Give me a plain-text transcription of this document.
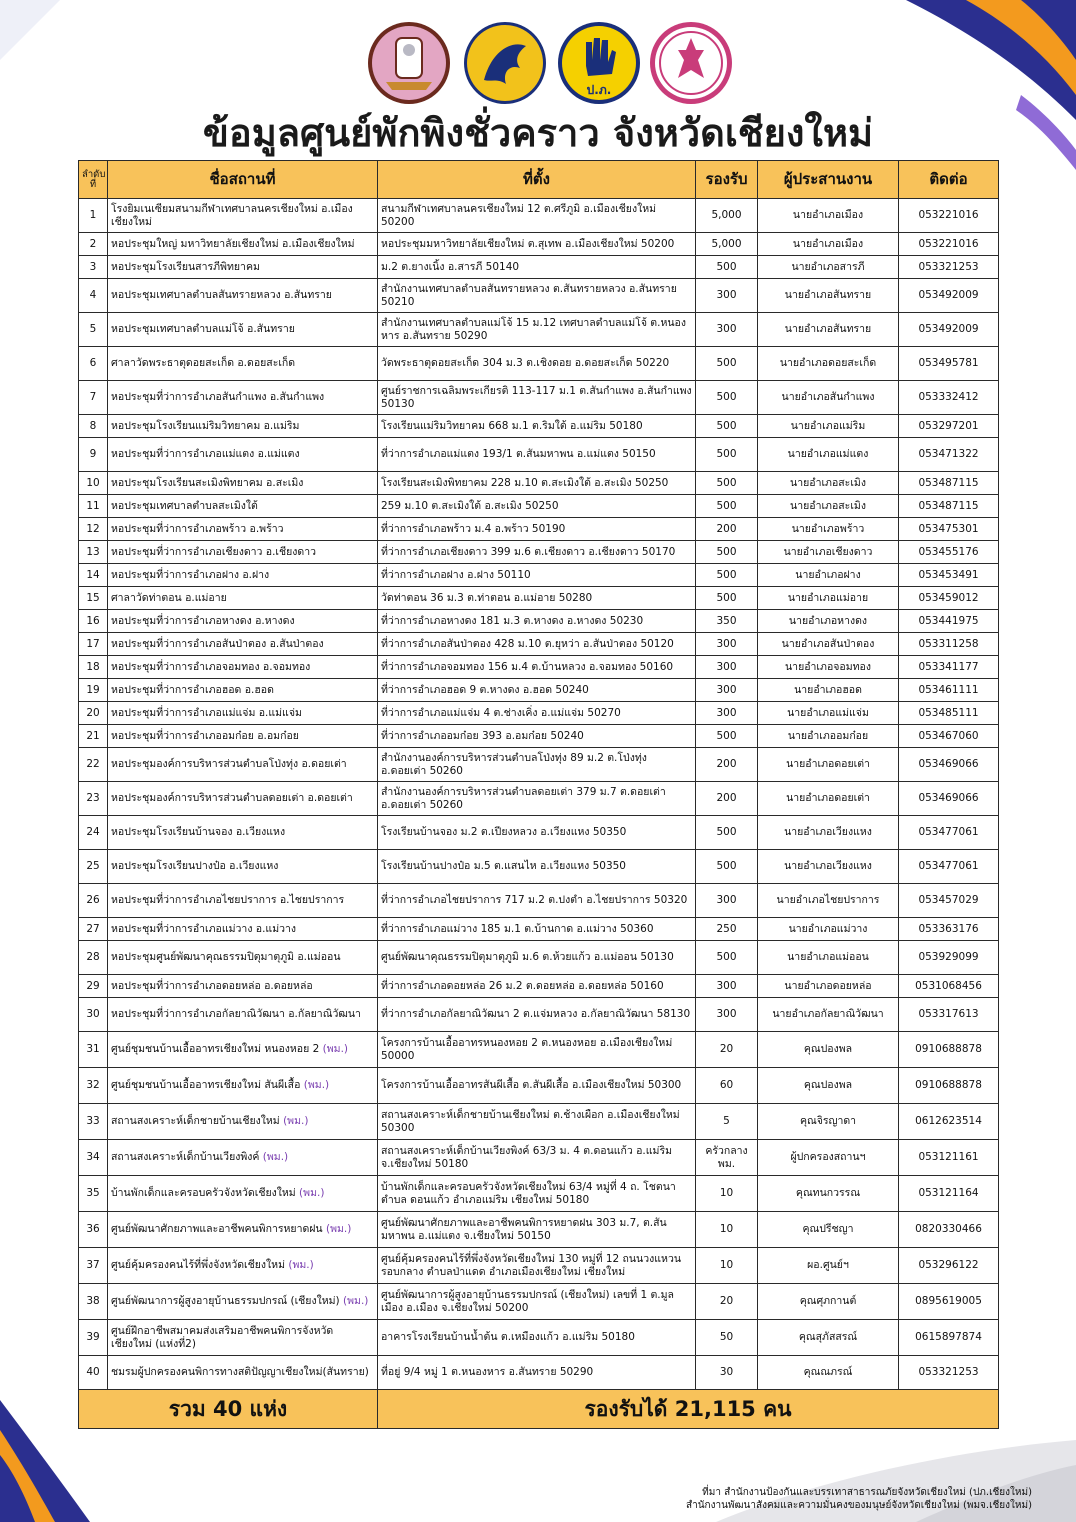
ป.ภ.
ข้อมูลศูนย์พักพิงชั่วคราว จังหวัดเชียงใหม่
ลำดับที่	ชื่อสถานที่	ที่ตั้ง	รองรับ	ผู้ประสานงาน	ติดต่อ
1	โรงยิมเนเซียมสนามกีฬาเทศบาลนครเชียงใหม่ อ.เมืองเชียงใหม่	สนามกีฬาเทศบาลนครเชียงใหม่ 12 ต.ศรีภูมิ อ.เมืองเชียงใหม่ 50200	5,000	นายอำเภอเมือง	053221016
2	หอประชุมใหญ่ มหาวิทยาลัยเชียงใหม่ อ.เมืองเชียงใหม่	หอประชุมมหาวิทยาลัยเชียงใหม่ ต.สุเทพ อ.เมืองเชียงใหม่ 50200	5,000	นายอำเภอเมือง	053221016
3	หอประชุมโรงเรียนสารภีพิทยาคม	ม.2 ต.ยางเนิ้ง อ.สารภี 50140	500	นายอำเภอสารภี	053321253
4	หอประชุมเทศบาลตำบลสันทรายหลวง อ.สันทราย	สำนักงานเทศบาลตำบลสันทรายหลวง ต.สันทรายหลวง อ.สันทราย 50210	300	นายอำเภอสันทราย	053492009
5	หอประชุมเทศบาลตำบลแม่โจ้ อ.สันทราย	สำนักงานเทศบาลตำบลแม่โจ้ 15 ม.12 เทศบาลตำบลแม่โจ้ ต.หนองหาร อ.สันทราย 50290	300	นายอำเภอสันทราย	053492009
6	ศาลาวัดพระธาตุดอยสะเก็ด อ.ดอยสะเก็ด	วัดพระธาตุดอยสะเก็ด 304 ม.3 ต.เชิงดอย อ.ดอยสะเก็ด 50220	500	นายอำเภอดอยสะเก็ด	053495781
7	หอประชุมที่ว่าการอำเภอสันกำแพง อ.สันกำแพง	ศูนย์ราชการเฉลิมพระเกียรติ 113-117 ม.1 ต.สันกำแพง อ.สันกำแพง 50130	500	นายอำเภอสันกำแพง	053332412
8	หอประชุมโรงเรียนแม่ริมวิทยาคม อ.แม่ริม	โรงเรียนแม่ริมวิทยาคม 668 ม.1 ต.ริมใต้ อ.แม่ริม 50180	500	นายอำเภอแม่ริม	053297201
9	หอประชุมที่ว่าการอำเภอแม่แตง อ.แม่แตง	ที่ว่าการอำเภอแม่แตง 193/1 ต.สันมหาพน อ.แม่แตง 50150	500	นายอำเภอแม่แตง	053471322
10	หอประชุมโรงเรียนสะเมิงพิทยาคม อ.สะเมิง	โรงเรียนสะเมิงพิทยาคม 228 ม.10 ต.สะเมิงใต้ อ.สะเมิง 50250	500	นายอำเภอสะเมิง	053487115
11	หอประชุมเทศบาลตำบลสะเมิงใต้	259 ม.10 ต.สะเมิงใต้ อ.สะเมิง 50250	500	นายอำเภอสะเมิง	053487115
12	หอประชุมที่ว่าการอำเภอพร้าว อ.พร้าว	ที่ว่าการอำเภอพร้าว ม.4 อ.พร้าว 50190	200	นายอำเภอพร้าว	053475301
13	หอประชุมที่ว่าการอำเภอเชียงดาว อ.เชียงดาว	ที่ว่าการอำเภอเชียงดาว 399 ม.6 ต.เชียงดาว อ.เชียงดาว 50170	500	นายอำเภอเชียงดาว	053455176
14	หอประชุมที่ว่าการอำเภอฝาง อ.ฝาง	ที่ว่าการอำเภอฝาง อ.ฝาง 50110	500	นายอำเภอฝาง	053453491
15	ศาลาวัดท่าตอน อ.แม่อาย	วัดท่าตอน 36 ม.3 ต.ท่าตอน อ.แม่อาย 50280	500	นายอำเภอแม่อาย	053459012
16	หอประชุมที่ว่าการอำเภอหางดง อ.หางดง	ที่ว่าการอำเภอหางดง 181 ม.3 ต.หางดง อ.หางดง 50230	350	นายอำเภอหางดง	053441975
17	หอประชุมที่ว่าการอำเภอสันป่าตอง อ.สันป่าตอง	ที่ว่าการอำเภอสันป่าตอง 428 ม.10 ต.ยุหว่า อ.สันป่าตอง 50120	300	นายอำเภอสันป่าตอง	053311258
18	หอประชุมที่ว่าการอำเภอจอมทอง อ.จอมทอง	ที่ว่าการอำเภอจอมทอง 156 ม.4 ต.บ้านหลวง อ.จอมทอง 50160	300	นายอำเภอจอมทอง	053341177
19	หอประชุมที่ว่าการอำเภอฮอด อ.ฮอด	ที่ว่าการอำเภอฮอด 9 ต.หางดง อ.ฮอด 50240	300	นายอำเภอฮอด	053461111
20	หอประชุมที่ว่าการอำเภอแม่แจ่ม อ.แม่แจ่ม	ที่ว่าการอำเภอแม่แจ่ม 4 ต.ช่างเคิ่ง อ.แม่แจ่ม 50270	300	นายอำเภอแม่แจ่ม	053485111
21	หอประชุมที่ว่าการอำเภออมก๋อย อ.อมก๋อย	ที่ว่าการอำเภออมก๋อย 393 อ.อมก๋อย 50240	500	นายอำเภออมก๋อย	053467060
22	หอประชุมองค์การบริหารส่วนตำบลโป่งทุ่ง อ.ดอยเต่า	สำนักงานองค์การบริหารส่วนตำบลโป่งทุ่ง 89 ม.2 ต.โป่งทุ่ง อ.ดอยเต่า 50260	200	นายอำเภอดอยเต่า	053469066
23	หอประชุมองค์การบริหารส่วนตำบลดอยเต่า อ.ดอยเต่า	สำนักงานองค์การบริหารส่วนตำบลดอยเต่า 379 ม.7 ต.ดอยเต่า อ.ดอยเต่า 50260	200	นายอำเภอดอยเต่า	053469066
24	หอประชุมโรงเรียนบ้านจอง อ.เวียงแหง	โรงเรียนบ้านจอง ม.2 ต.เปียงหลวง อ.เวียงแหง 50350	500	นายอำเภอเวียงแหง	053477061
25	หอประชุมโรงเรียนปางป๋อ อ.เวียงแหง	โรงเรียนบ้านปางป๋อ ม.5 ต.แสนไห อ.เวียงแหง 50350	500	นายอำเภอเวียงแหง	053477061
26	หอประชุมที่ว่าการอำเภอไชยปราการ อ.ไชยปราการ	ที่ว่าการอำเภอไชยปราการ 717 ม.2 ต.ปงตำ อ.ไชยปราการ 50320	300	นายอำเภอไชยปราการ	053457029
27	หอประชุมที่ว่าการอำเภอแม่วาง อ.แม่วาง	ที่ว่าการอำเภอแม่วาง 185 ม.1 ต.บ้านกาด อ.แม่วาง 50360	250	นายอำเภอแม่วาง	053363176
28	หอประชุมศูนย์พัฒนาคุณธรรมปิตุมาตุภูมิ อ.แม่ออน	ศูนย์พัฒนาคุณธรรมปิตุมาตุภูมิ ม.6 ต.ห้วยแก้ว อ.แม่ออน 50130	500	นายอำเภอแม่ออน	053929099
29	หอประชุมที่ว่าการอำเภอดอยหล่อ อ.ดอยหล่อ	ที่ว่าการอำเภอดอยหล่อ 26 ม.2 ต.ดอยหล่อ อ.ดอยหล่อ 50160	300	นายอำเภอดอยหล่อ	0531068456
30	หอประชุมที่ว่าการอำเภอกัลยาณิวัฒนา อ.กัลยาณิวัฒนา	ที่ว่าการอำเภอกัลยาณิวัฒนา 2 ต.แจ่มหลวง อ.กัลยาณิวัฒนา 58130	300	นายอำเภอกัลยาณิวัฒนา	053317613
31	ศูนย์ชุมชนบ้านเอื้ออาทรเชียงใหม่ หนองหอย 2 (พม.)	โครงการบ้านเอื้ออาทรหนองหอย 2 ต.หนองหอย อ.เมืองเชียงใหม่ 50000	20	คุณปองพล	0910688878
32	ศูนย์ชุมชนบ้านเอื้ออาทรเชียงใหม่ สันผีเสื้อ (พม.)	โครงการบ้านเอื้ออาทรสันผีเสื้อ ต.สันผีเสื้อ อ.เมืองเชียงใหม่ 50300	60	คุณปองพล	0910688878
33	สถานสงเคราะห์เด็กชายบ้านเชียงใหม่ (พม.)	สถานสงเคราะห์เด็กชายบ้านเชียงใหม่ ต.ช้างเผือก อ.เมืองเชียงใหม่ 50300	5	คุณจิรญาดา	0612623514
34	สถานสงเคราะห์เด็กบ้านเวียงพิงค์ (พม.)	สถานสงเคราะห์เด็กบ้านเวียงพิงค์ 63/3 ม. 4 ต.ดอนแก้ว อ.แม่ริม จ.เชียงใหม่ 50180	ครัวกลาง พม.	ผู้ปกครองสถานฯ	053121161
35	บ้านพักเด็กและครอบครัวจังหวัดเชียงใหม่ (พม.)	บ้านพักเด็กและครอบครัวจังหวัดเชียงใหม่ 63/4 หมู่ที่ 4 ถ. โชตนา ตำบล ดอนแก้ว อำเภอแม่ริม เชียงใหม่ 50180	10	คุณทนกวรรณ	053121164
36	ศูนย์พัฒนาศักยภาพและอาชีพคนพิการหยาดฝน (พม.)	ศูนย์พัฒนาศักยภาพและอาชีพคนพิการหยาดฝน 303 ม.7, ต.สันมหาพน อ.แม่แตง จ.เชียงใหม่ 50150	10	คุณปรีชญา	0820330466
37	ศูนย์คุ้มครองคนไร้ที่พึ่งจังหวัดเชียงใหม่ (พม.)	ศูนย์คุ้มครองคนไร้ที่พึ่งจังหวัดเชียงใหม่ 130 หมู่ที่ 12 ถนนวงแหวนรอบกลาง ตำบลป่าแดด อำเภอเมืองเชียงใหม่ เชียงใหม่	10	ผอ.ศูนย์ฯ	053296122
38	ศูนย์พัฒนาการผู้สูงอายุบ้านธรรมปกรณ์ (เชียงใหม่) (พม.)	ศูนย์พัฒนาการผู้สูงอายุบ้านธรรมปกรณ์ (เชียงใหม่) เลขที่ 1 ต.มูลเมือง อ.เมือง จ.เชียงใหม่ 50200	20	คุณศุภกานต์	0895619005
39	ศูนย์ฝึกอาชีพสมาคมส่งเสริมอาชีพคนพิการจังหวัดเชียงใหม่ (แห่งที่2)	อาคารโรงเรียนบ้านน้ำต้น ต.เหมืองแก้ว อ.แม่ริม 50180	50	คุณสุภัสสรณ์	0615897874
40	ชมรมผู้ปกครองคนพิการทางสติปัญญาเชียงใหม่(สันทราย)	ที่อยู่ 9/4 หมู่ 1 ต.หนองหาร อ.สันทราย 50290	30	คุณณภรณ์	053321253
รวม 40 แห่ง		รองรับได้ 21,115 คน			
ที่มา สำนักงานป้องกันและบรรเทาสาธารณภัยจังหวัดเชียงใหม่ (ปภ.เชียงใหม่)
สำนักงานพัฒนาสังคมและความมั่นคงของมนุษย์จังหวัดเชียงใหม่ (พมจ.เชียงใหม่)
